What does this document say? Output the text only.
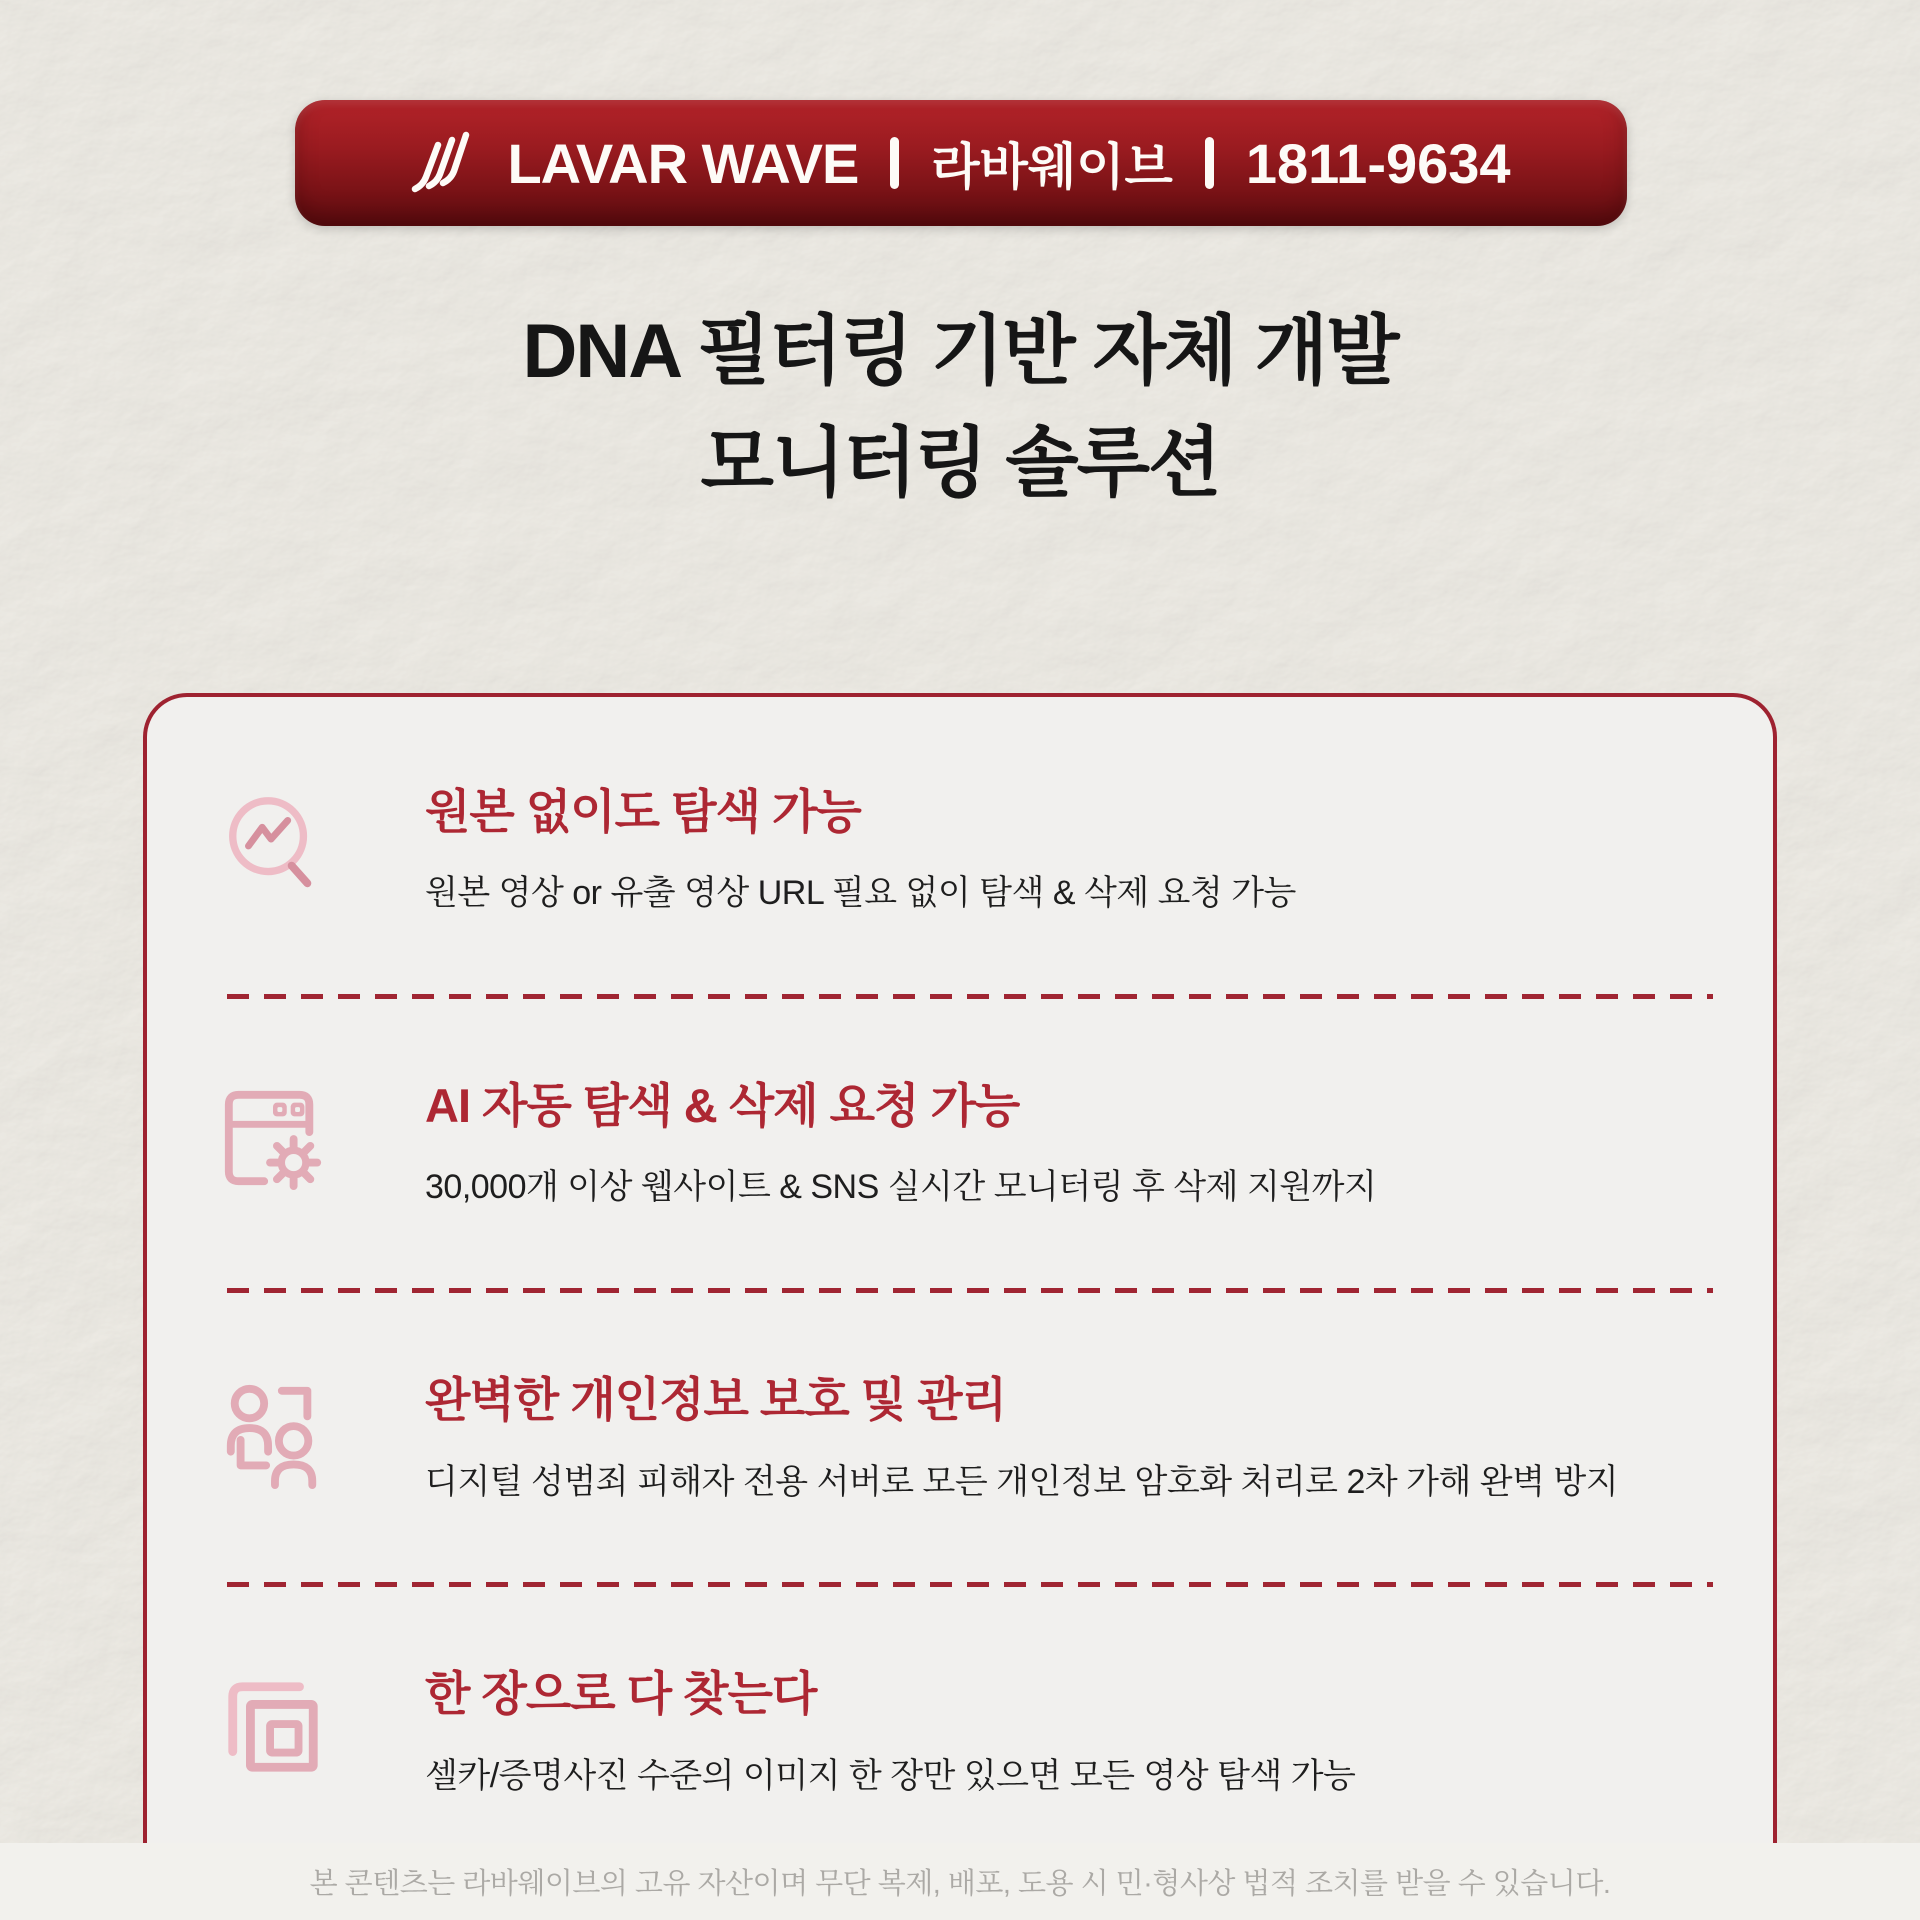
LAVAR WAVE 라바웨이브 1811-9634
DNA 필터링 기반 자체 개발
모니터링 솔루션
원본 없이도 탐색 가능
원본 영상 or 유출 영상 URL 필요 없이 탐색 & 삭제 요청 가능
AI 자동 탐색 & 삭제 요청 가능
30,000개 이상 웹사이트 & SNS 실시간 모니터링 후 삭제 지원까지
완벽한 개인정보 보호 및 관리
디지털 성범죄 피해자 전용 서버로 모든 개인정보 암호화 처리로 2차 가해 완벽 방지
한 장으로 다 찾는다
셀카/증명사진 수준의 이미지 한 장만 있으면 모든 영상 탐색 가능
본 콘텐츠는 라바웨이브의 고유 자산이며 무단 복제, 배포, 도용 시 민·형사상 법적 조치를 받을 수 있습니다.
